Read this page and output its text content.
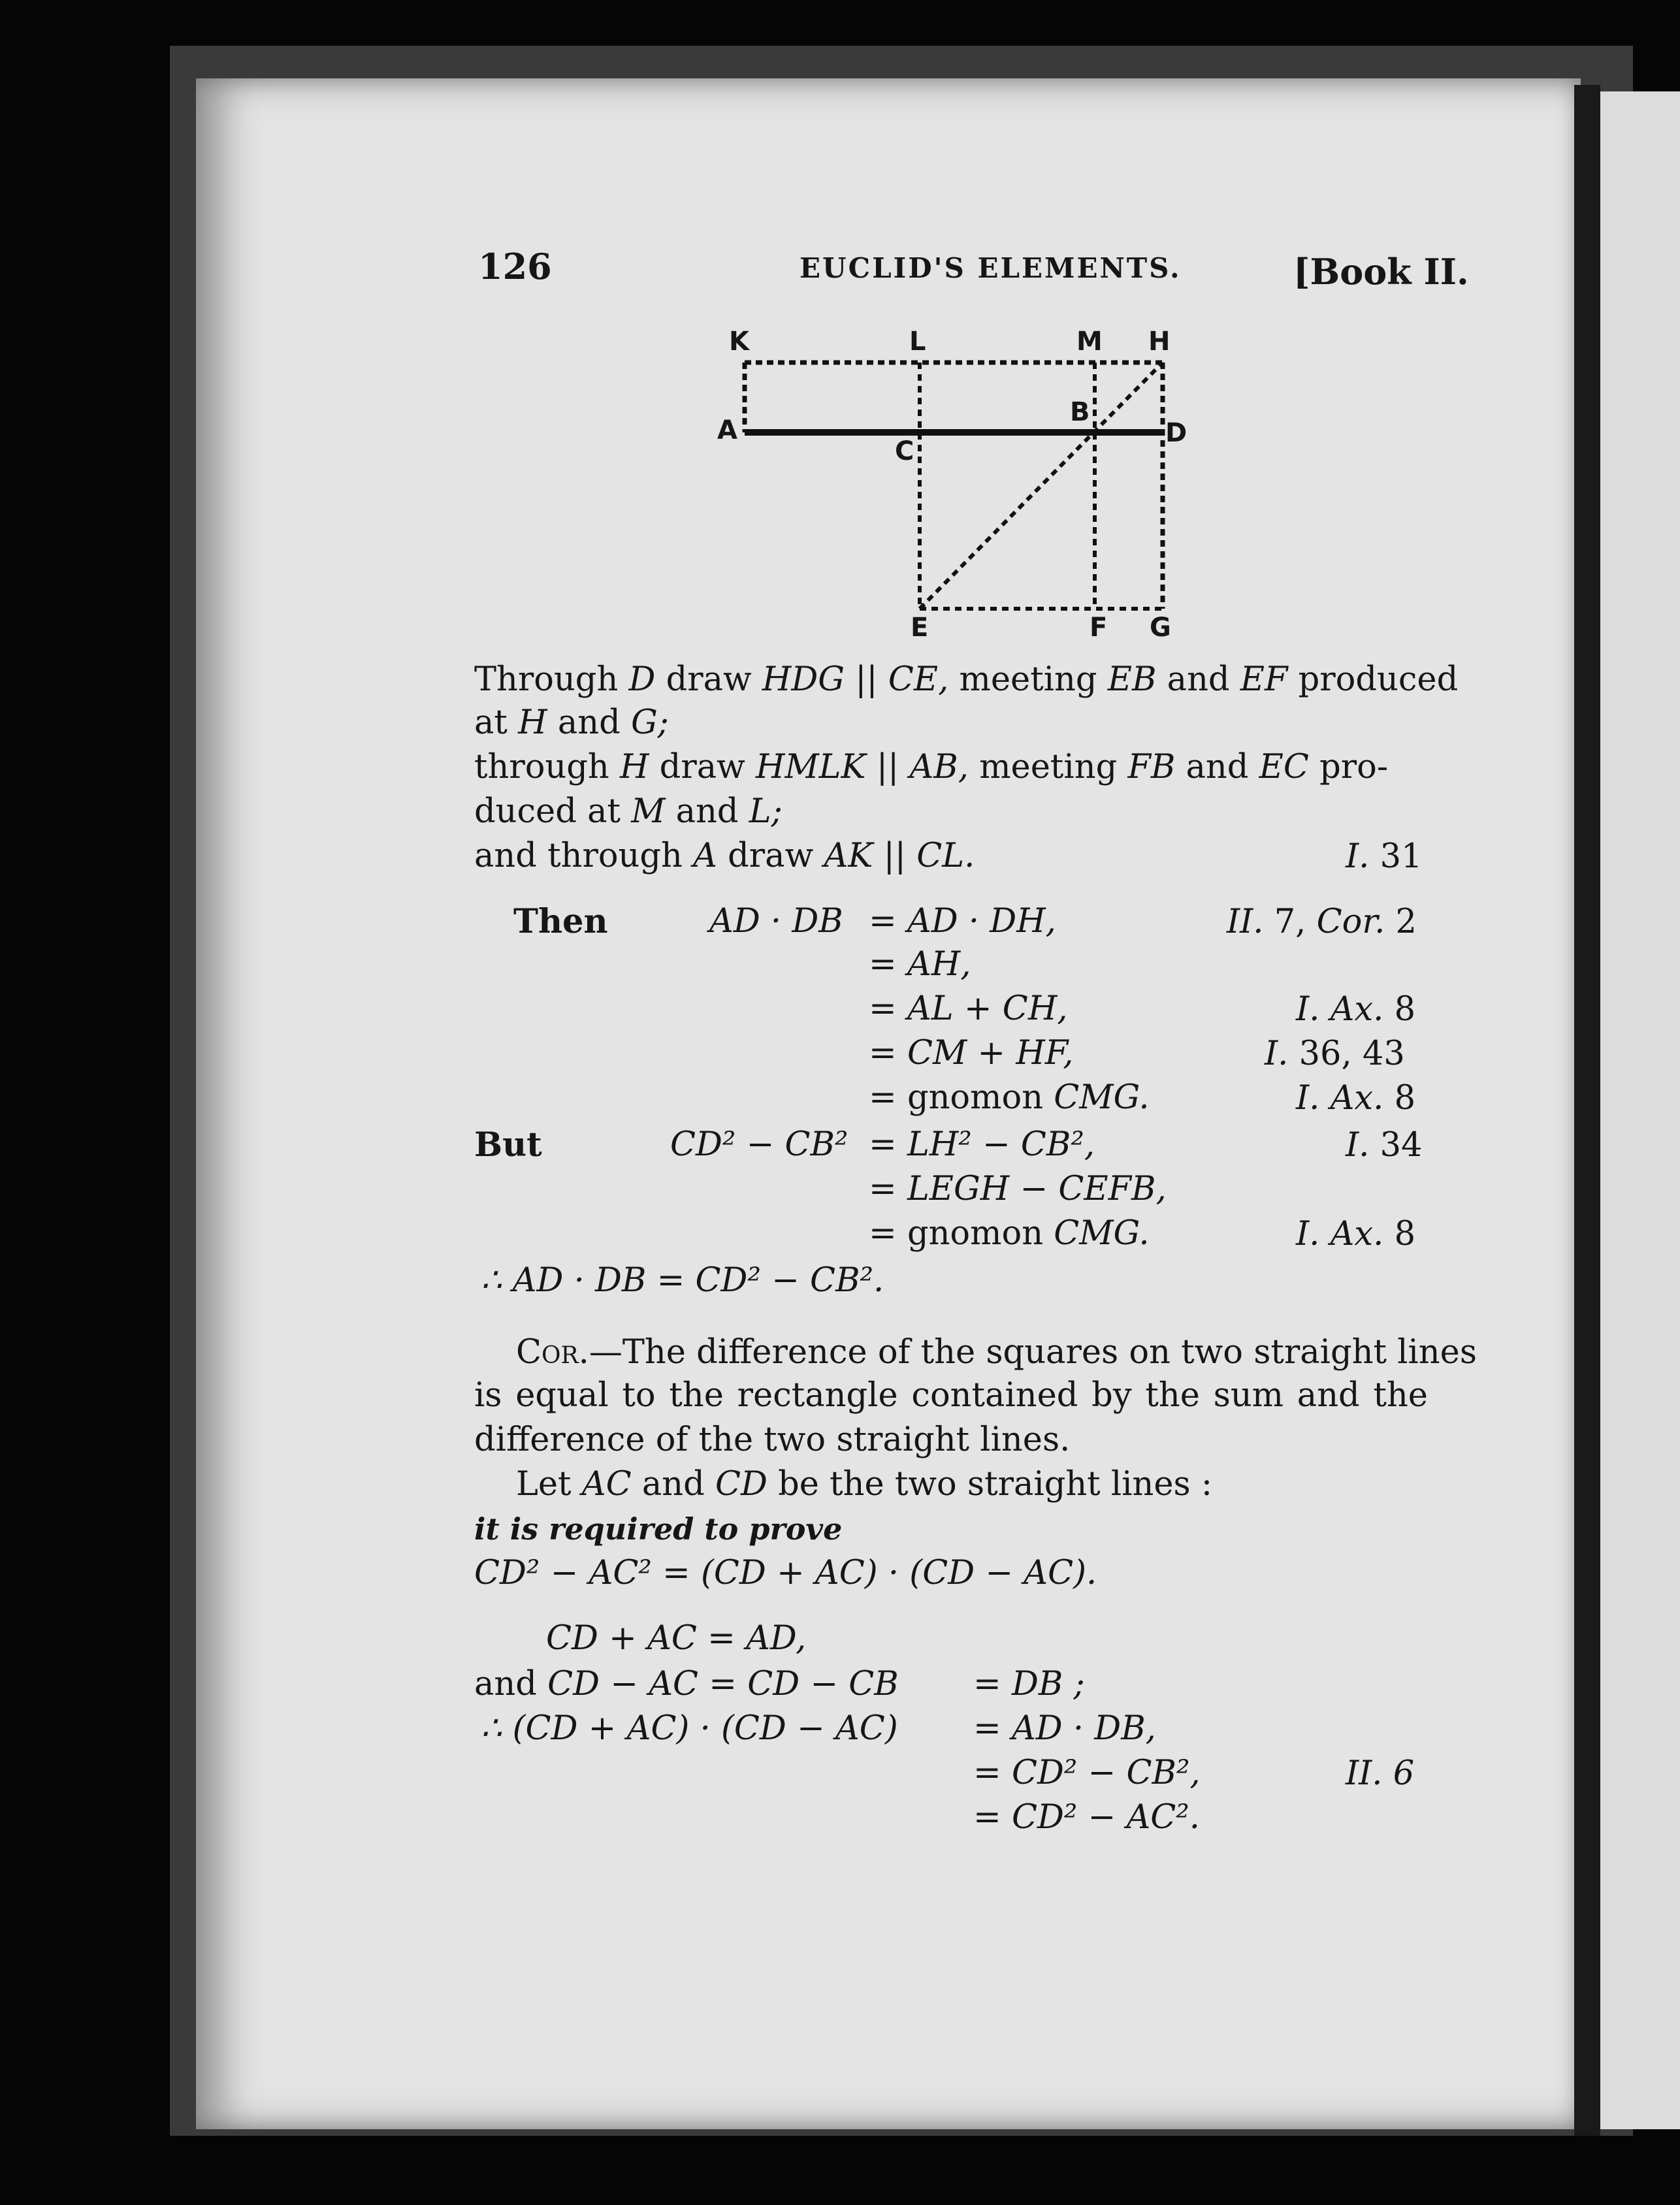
126	EUCLID'S ELEMENTS.	[Book II.
K	L	M H
A
B
C
D
E	F G
Through D draw HDG || CE, meeting EB and EF produced
at H and G;
through H draw HMLK || AB, meeting FB and EC pro-
duced at M and L;
and through A draw AK || CL.	I. 31
Then	AD · DB = AD · DH,	II. 7, Cor. 2
= AH,
= AL + CH,	I. Ax. 8
= CM + HF,	I. 36, 43
= gnomon CMG.	I. Ax. 8
But	CD² − CB² = LH² − CB²,	I. 34
= LEGH − CEFB,
= gnomon CMG.	I. Ax. 8
∴ AD · DB = CD² − CB².
Cor.—The difference of the squares on two straight lines
is equal to the rectangle contained by the sum and the
difference of the two straight lines.
Let AC and CD be the two straight lines :
it is required to prove
CD² − AC² = (CD + AC) · (CD − AC).
CD + AC = AD,
and CD − AC = CD − CB = DB ;
∴ (CD + AC) · (CD − AC) = AD · DB,
= CD² − CB²,	II. 6
= CD² − AC².
